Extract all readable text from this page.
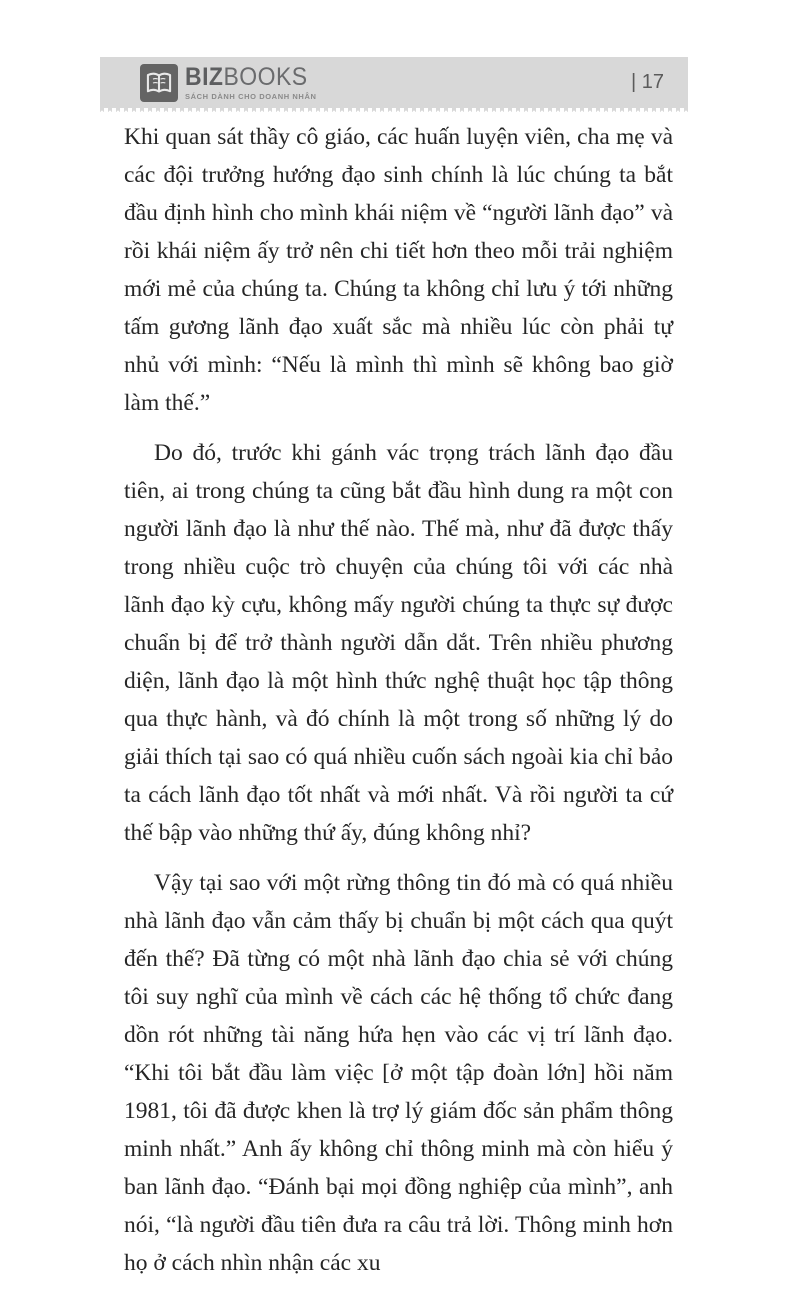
BIZBOOKS
SÁCH DÀNH CHO DOANH NHÂN
| 17

Khi quan sát thầy cô giáo, các huấn luyện viên, cha mẹ và các đội trưởng hướng đạo sinh chính là lúc chúng ta bắt đầu định hình cho mình khái niệm về “người lãnh đạo” và rồi khái niệm ấy trở nên chi tiết hơn theo mỗi trải nghiệm mới mẻ của chúng ta. Chúng ta không chỉ lưu ý tới những tấm gương lãnh đạo xuất sắc mà nhiều lúc còn phải tự nhủ với mình: “Nếu là mình thì mình sẽ không bao giờ làm thế.”

Do đó, trước khi gánh vác trọng trách lãnh đạo đầu tiên, ai trong chúng ta cũng bắt đầu hình dung ra một con người lãnh đạo là như thế nào. Thế mà, như đã được thấy trong nhiều cuộc trò chuyện của chúng tôi với các nhà lãnh đạo kỳ cựu, không mấy người chúng ta thực sự được chuẩn bị để trở thành người dẫn dắt. Trên nhiều phương diện, lãnh đạo là một hình thức nghệ thuật học tập thông qua thực hành, và đó chính là một trong số những lý do giải thích tại sao có quá nhiều cuốn sách ngoài kia chỉ bảo ta cách lãnh đạo tốt nhất và mới nhất. Và rồi người ta cứ thế bập vào những thứ ấy, đúng không nhỉ?

Vậy tại sao với một rừng thông tin đó mà có quá nhiều nhà lãnh đạo vẫn cảm thấy bị chuẩn bị một cách qua quýt đến thế? Đã từng có một nhà lãnh đạo chia sẻ với chúng tôi suy nghĩ của mình về cách các hệ thống tổ chức đang dồn rót những tài năng hứa hẹn vào các vị trí lãnh đạo. “Khi tôi bắt đầu làm việc [ở một tập đoàn lớn] hồi năm 1981, tôi đã được khen là trợ lý giám đốc sản phẩm thông minh nhất.” Anh ấy không chỉ thông minh mà còn hiểu ý ban lãnh đạo. “Đánh bại mọi đồng nghiệp của mình”, anh nói, “là người đầu tiên đưa ra câu trả lời. Thông minh hơn họ ở cách nhìn nhận các xu
